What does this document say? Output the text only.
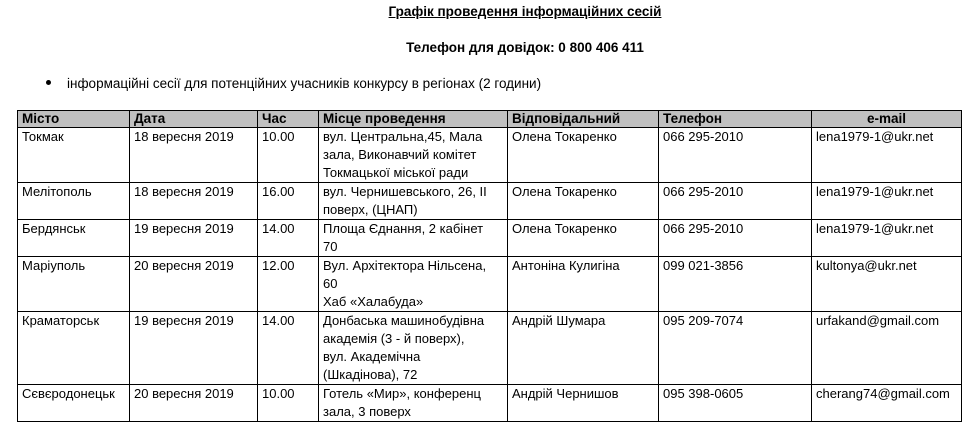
Графік проведення інформаційних сесій
Телефон для довідок: 0 800 406 411
інформаційні сесії для потенційних учасників конкурсу в регіонах (2 години)
Місто	Дата	Час	Місце проведення	Відповідальний	Телефон	e-mail
Токмак	18 вересня 2019	10.00	вул. Центральна,45, Мала
зала, Виконавчий комітет
Токмацької міської ради	Олена Токаренко	066 295-2010	lena1979-1@ukr.net
Мелітополь	18 вересня 2019	16.00	вул. Чернишевського, 26, ІІ
поверх, (ЦНАП)	Олена Токаренко	066 295-2010	lena1979-1@ukr.net
Бердянськ	19 вересня 2019	14.00	Площа Єднання, 2 кабінет
70	Олена Токаренко	066 295-2010	lena1979-1@ukr.net
Маріуполь	20 вересня 2019	12.00	Вул. Архітектора Нільсена,
60
Хаб «Халабуда»	Антоніна Кулигіна	099 021-3856	kultonya@ukr.net
Краматорськ	19 вересня 2019	14.00	Донбаська машинобудівна
академія (3 - й поверх),
вул. Академічна
(Шкадінова), 72	Андрій Шумара	095 209-7074	urfakand@gmail.com
Сєвєродонецьк	20 вересня 2019	10.00	Готель «Мир», конференц
зала, 3 поверх	Андрій Чернишов	095 398-0605	cherang74@gmail.com
